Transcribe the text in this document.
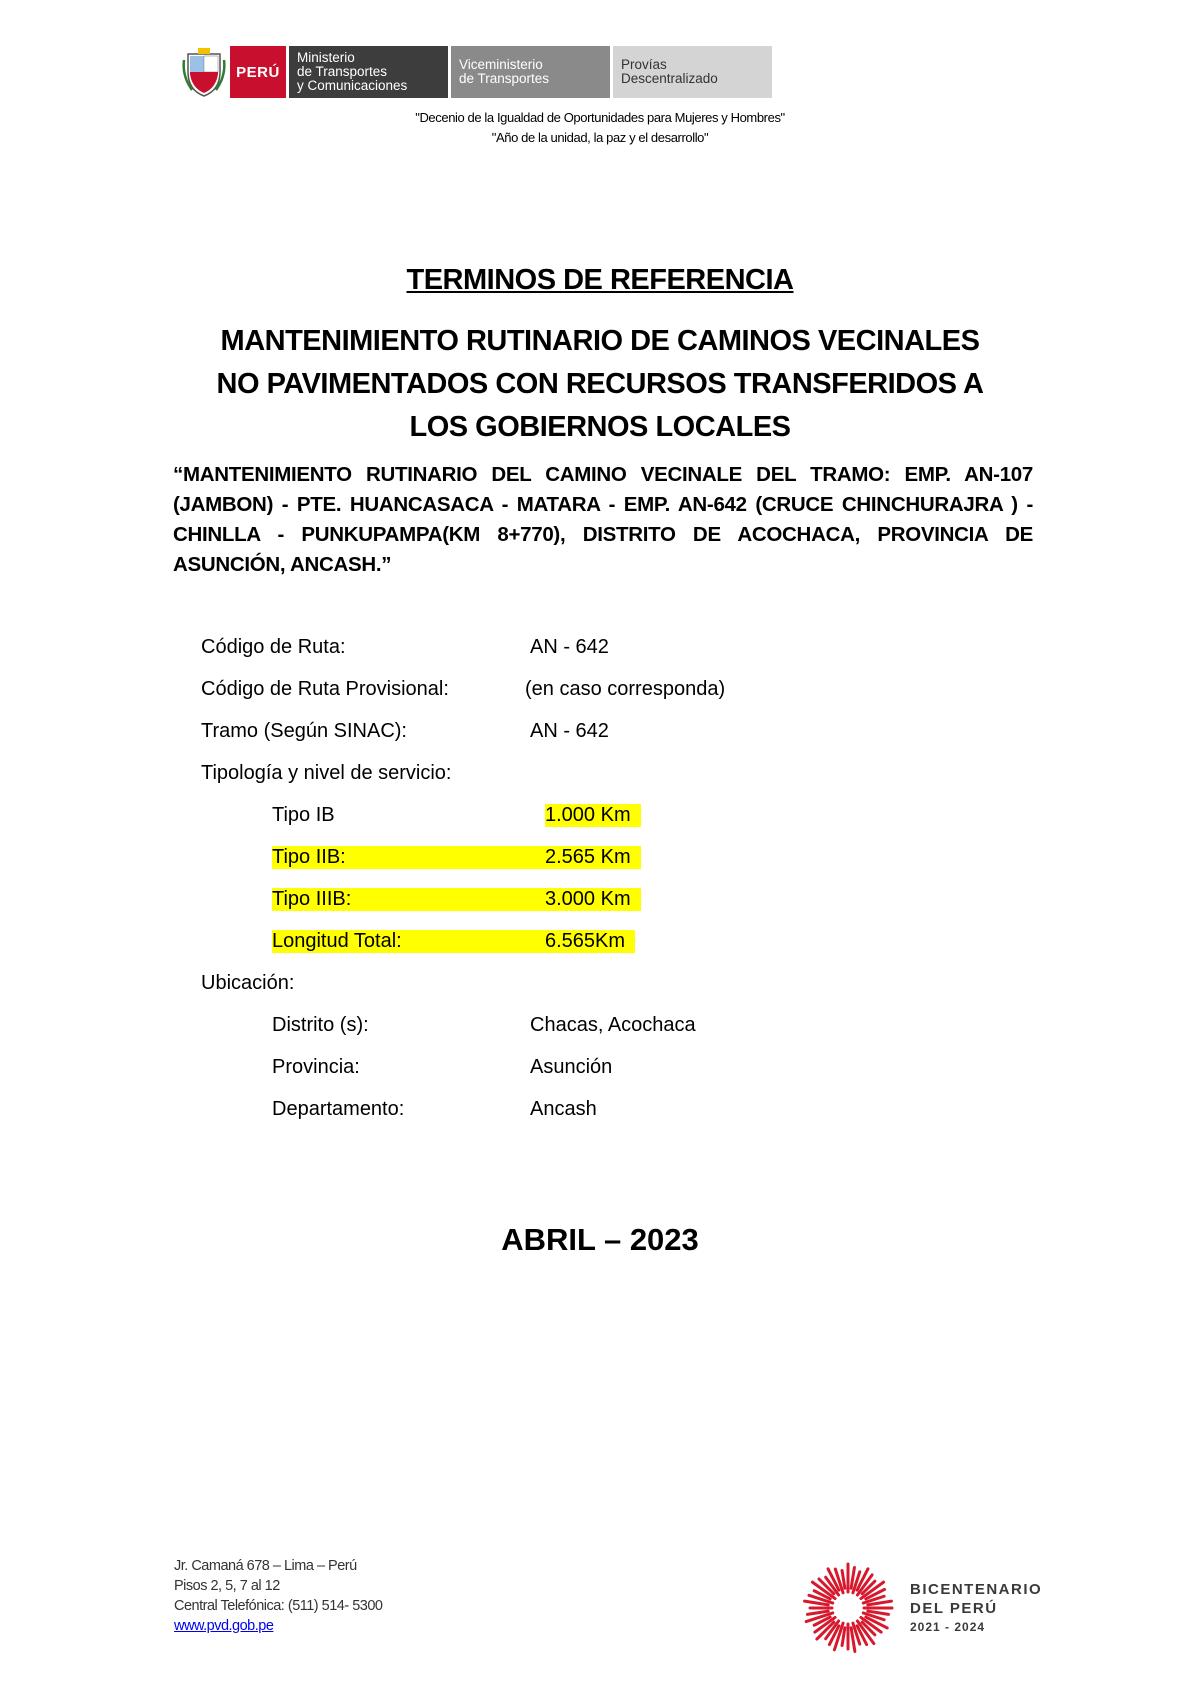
PERÚ
Ministerio
de Transportes
y Comunicaciones
Viceministerio
de Transportes
Provías
Descentralizado
"Decenio de la Igualdad de Oportunidades para Mujeres y Hombres"
"Año de la unidad, la paz y el desarrollo"
TERMINOS DE REFERENCIA
MANTENIMIENTO RUTINARIO DE CAMINOS VECINALES
NO PAVIMENTADOS CON RECURSOS TRANSFERIDOS A
LOS GOBIERNOS LOCALES
“MANTENIMIENTO RUTINARIO DEL CAMINO VECINALE DEL TRAMO: EMP. AN-107 (JAMBON) - PTE. HUANCASACA - MATARA - EMP. AN-642 (CRUCE CHINCHURAJRA ) - CHINLLA - PUNKUPAMPA(KM 8+770), DISTRITO DE ACOCHACA, PROVINCIA DE ASUNCIÓN, ANCASH.”
Código de Ruta:	AN - 642
Código de Ruta Provisional:	(en caso corresponda)
Tramo (Según SINAC):	AN - 642
Tipología y nivel de servicio:
Tipo IB	1.000 Km
Tipo IIB:	2.565 Km
Tipo IIIB:	3.000 Km
Longitud Total:	6.565Km
Ubicación:
Distrito (s):	Chacas, Acochaca
Provincia:	Asunción
Departamento:	Ancash
ABRIL – 2023
Jr. Camaná 678 – Lima – Perú
Pisos 2, 5, 7 al 12
Central Telefónica: (511) 514- 5300
www.pvd.gob.pe
BICENTENARIO
DEL PERÚ
2021 - 2024
